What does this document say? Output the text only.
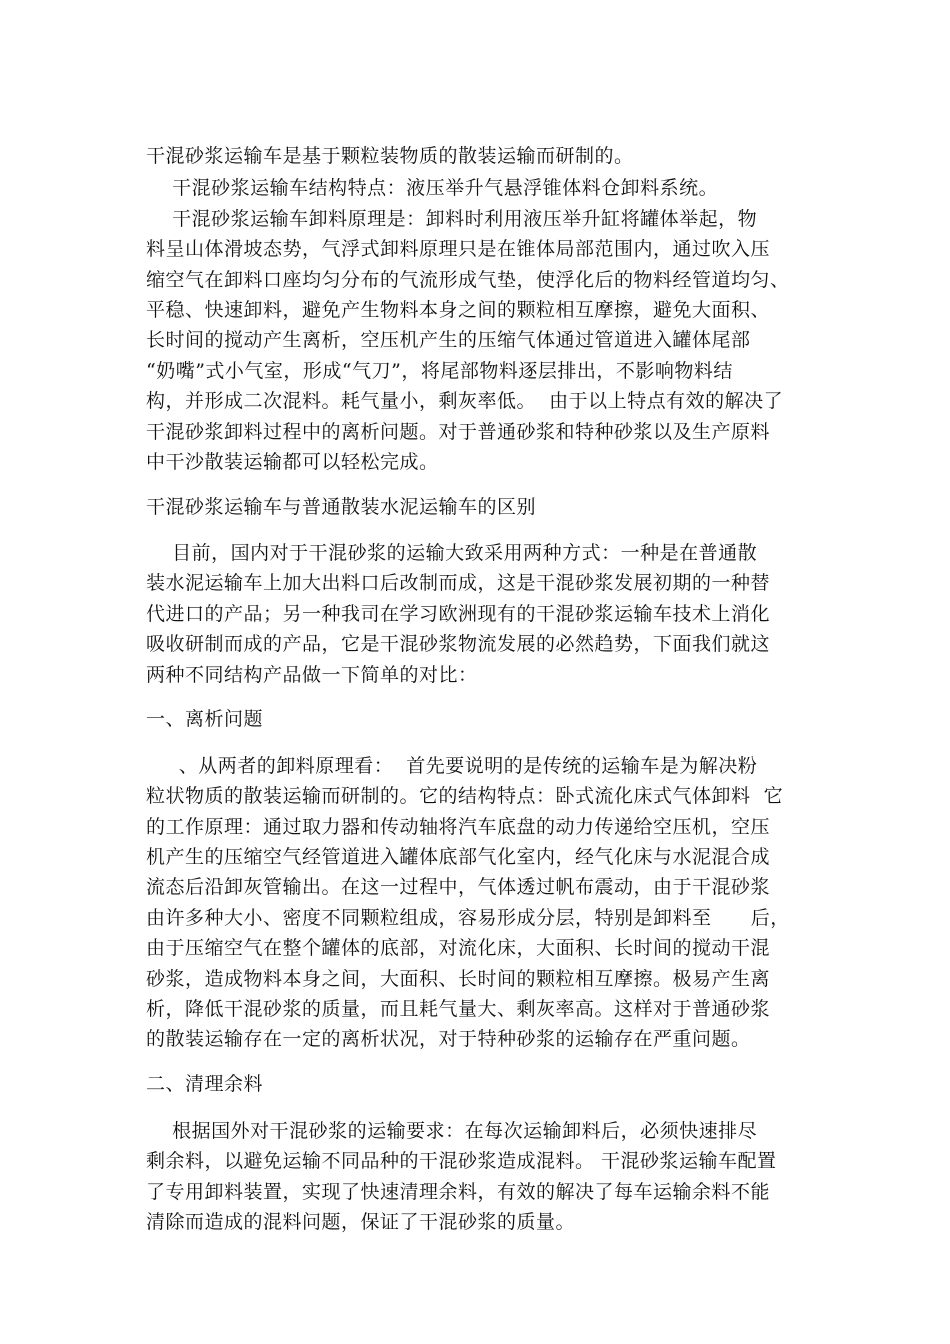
干混砂浆运输车是基于颗粒装物质的散装运输而研制的。

干混砂浆运输车结构特点：液压举升气悬浮锥体料仓卸料系统。

干混砂浆运输车卸料原理是：卸料时利用液压举升缸将罐体举起，物

料呈山体滑坡态势，气浮式卸料原理只是在锥体局部范围内，通过吹入压

缩空气在卸料口座均匀分布的气流形成气垫，使浮化后的物料经管道均匀、

平稳、快速卸料，避免产生物料本身之间的颗粒相互摩擦，避免大面积、

长时间的搅动产生离析，空压机产生的压缩气体通过管道进入罐体尾部

“奶嘴”式小气室，形成“气刀”，将尾部物料逐层排出，不影响物料结

构，并形成二次混料。耗气量小，剩灰率低。  由于以上特点有效的解决了

干混砂浆卸料过程中的离析问题。对于普通砂浆和特种砂浆以及生产原料

中干沙散装运输都可以轻松完成。

干混砂浆运输车与普通散装水泥运输车的区别

目前，国内对于干混砂浆的运输大致采用两种方式：一种是在普通散

装水泥运输车上加大出料口后改制而成，这是干混砂浆发展初期的一种替

代进口的产品；另一种我司在学习欧洲现有的干混砂浆运输车技术上消化

吸收研制而成的产品，它是干混砂浆物流发展的必然趋势，下面我们就这

两种不同结构产品做一下简单的对比：

一、离析问题

、从两者的卸料原理看：  首先要说明的是传统的运输车是为解决粉

粒状物质的散装运输而研制的。它的结构特点：卧式流化床式气体卸料  它

的工作原理：通过取力器和传动轴将汽车底盘的动力传递给空压机，空压

机产生的压缩空气经管道进入罐体底部气化室内，经气化床与水泥混合成

流态后沿卸灰管输出。在这一过程中，气体透过帆布震动，由于干混砂浆

由许多种大小、密度不同颗粒组成，容易形成分层，特别是卸料至      后，

由于压缩空气在整个罐体的底部，对流化床，大面积、长时间的搅动干混

砂浆，造成物料本身之间，大面积、长时间的颗粒相互摩擦。极易产生离

析，降低干混砂浆的质量，而且耗气量大、剩灰率高。这样对于普通砂浆

的散装运输存在一定的离析状况，对于特种砂浆的运输存在严重问题。

二、清理余料

根据国外对干混砂浆的运输要求：在每次运输卸料后，必须快速排尽

剩余料，以避免运输不同品种的干混砂浆造成混料。 干混砂浆运输车配置

了专用卸料装置，实现了快速清理余料，有效的解决了每车运输余料不能

清除而造成的混料问题，保证了干混砂浆的质量。
